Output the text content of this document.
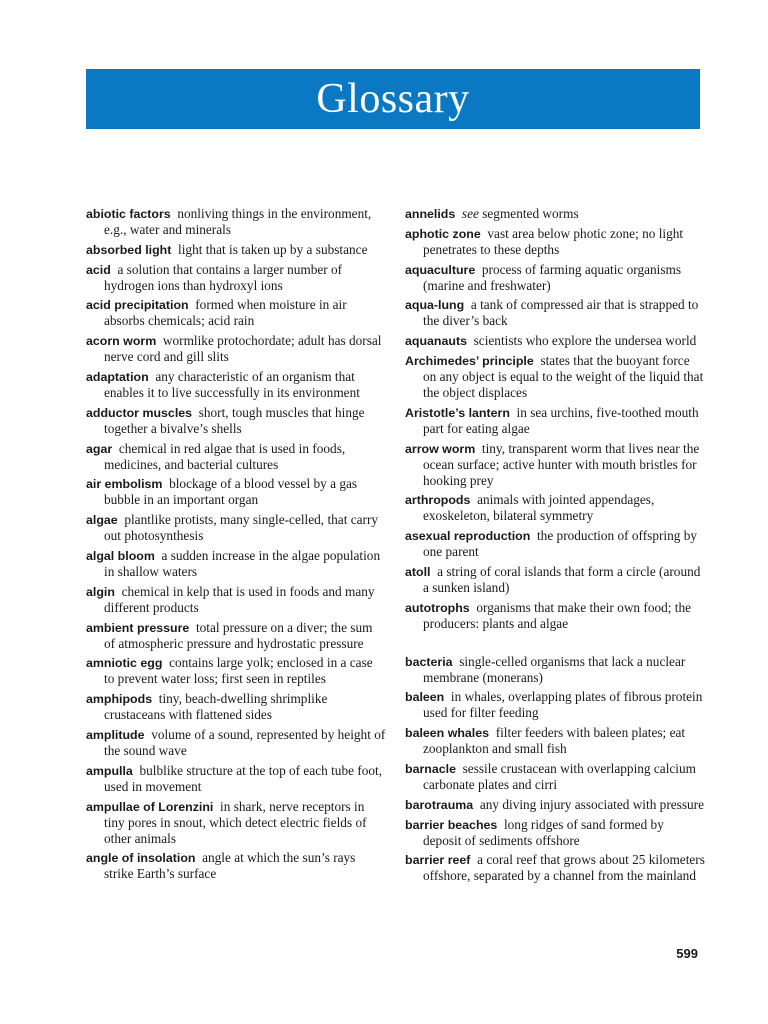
Glossary

abiotic factors  nonliving things in the environment, e.g., water and minerals

absorbed light  light that is taken up by a substance

acid  a solution that contains a larger number of hydrogen ions than hydroxyl ions

acid precipitation  formed when moisture in air absorbs chemicals; acid rain

acorn worm  wormlike protochordate; adult has dorsal nerve cord and gill slits

adaptation  any characteristic of an organism that enables it to live successfully in its environment

adductor muscles  short, tough muscles that hinge together a bivalve’s shells

agar  chemical in red algae that is used in foods, medicines, and bacterial cultures

air embolism  blockage of a blood vessel by a gas bubble in an important organ

algae  plantlike protists, many single-celled, that carry out photosynthesis

algal bloom  a sudden increase in the algae population in shallow waters

algin  chemical in kelp that is used in foods and many different products

ambient pressure  total pressure on a diver; the sum of atmospheric pressure and hydrostatic pressure

amniotic egg  contains large yolk; enclosed in a case to prevent water loss; first seen in reptiles

amphipods  tiny, beach-dwelling shrimplike crustaceans with flattened sides

amplitude  volume of a sound, represented by height of the sound wave

ampulla  bulblike structure at the top of each tube foot, used in movement

ampullae of Lorenzini  in shark, nerve receptors in tiny pores in snout, which detect electric fields of other animals

angle of insolation  angle at which the sun’s rays strike Earth’s surface

annelids  see segmented worms

aphotic zone  vast area below photic zone; no light penetrates to these depths

aquaculture  process of farming aquatic organisms (marine and freshwater)

aqua-lung  a tank of compressed air that is strapped to the diver’s back

aquanauts  scientists who explore the undersea world

Archimedes’ principle  states that the buoyant force on any object is equal to the weight of the liquid that the object displaces

Aristotle’s lantern  in sea urchins, five-toothed mouth part for eating algae

arrow worm  tiny, transparent worm that lives near the ocean surface; active hunter with mouth bristles for hooking prey

arthropods  animals with jointed appendages, exoskeleton, bilateral symmetry

asexual reproduction  the production of offspring by one parent

atoll  a string of coral islands that form a circle (around a sunken island)

autotrophs  organisms that make their own food; the producers: plants and algae

bacteria  single-celled organisms that lack a nuclear membrane (monerans)

baleen  in whales, overlapping plates of fibrous protein used for filter feeding

baleen whales  filter feeders with baleen plates; eat zooplankton and small fish

barnacle  sessile crustacean with overlapping calcium carbonate plates and cirri

barotrauma  any diving injury associated with pressure

barrier beaches  long ridges of sand formed by deposit of sediments offshore

barrier reef  a coral reef that grows about 25 kilometers offshore, separated by a channel from the mainland

599
